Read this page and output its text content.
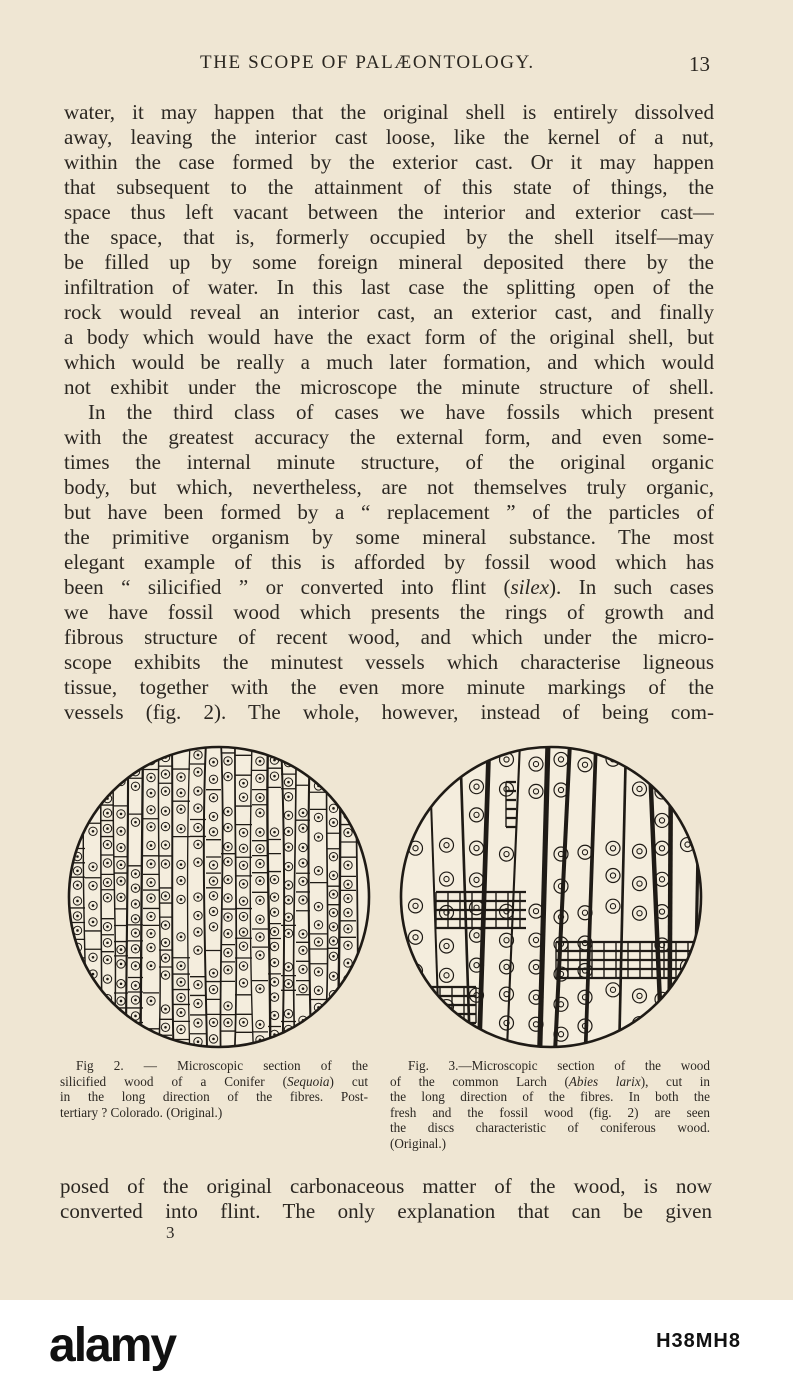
THE SCOPE OF PALÆONTOLOGY.	13
water, it may happen that the original shell is entirely dissolved
away, leaving the interior cast loose, like the kernel of a nut,
within the case formed by the exterior cast. Or it may happen
that subsequent to the attainment of this state of things, the
space thus left vacant between the interior and exterior cast—
the space, that is, formerly occupied by the shell itself—may
be filled up by some foreign mineral deposited there by the
infiltration of water. In this last case the splitting open of the
rock would reveal an interior cast, an exterior cast, and finally
a body which would have the exact form of the original shell, but
which would be really a much later formation, and which would
not exhibit under the microscope the minute structure of shell.
In the third class of cases we have fossils which present
with the greatest accuracy the external form, and even some-
times the internal minute structure, of the original organic
body, but which, nevertheless, are not themselves truly organic,
but have been formed by a “ replacement ” of the particles of
the primitive organism by some mineral substance. The most
elegant example of this is afforded by fossil wood which has
been “ silicified ” or converted into flint (silex). In such cases
we have fossil wood which presents the rings of growth and
fibrous structure of recent wood, and which under the micro-
scope exhibits the minutest vessels which characterise ligneous
tissue, together with the even more minute markings of the
vessels (fig. 2). The whole, however, instead of being com-
Fig 2. — Microscopic section of the
silicified wood of a Conifer (Sequoia) cut
in the long direction of the fibres. Post-
tertiary ? Colorado. (Original.)
Fig. 3.—Microscopic section of the wood
of the common Larch (Abies larix), cut in
the long direction of the fibres. In both the
fresh and the fossil wood (fig. 2) are seen
the discs characteristic of coniferous wood.
(Original.)
posed of the original carbonaceous matter of the wood, is now
converted into flint. The only explanation that can be given
3
alamy	H38MH8
